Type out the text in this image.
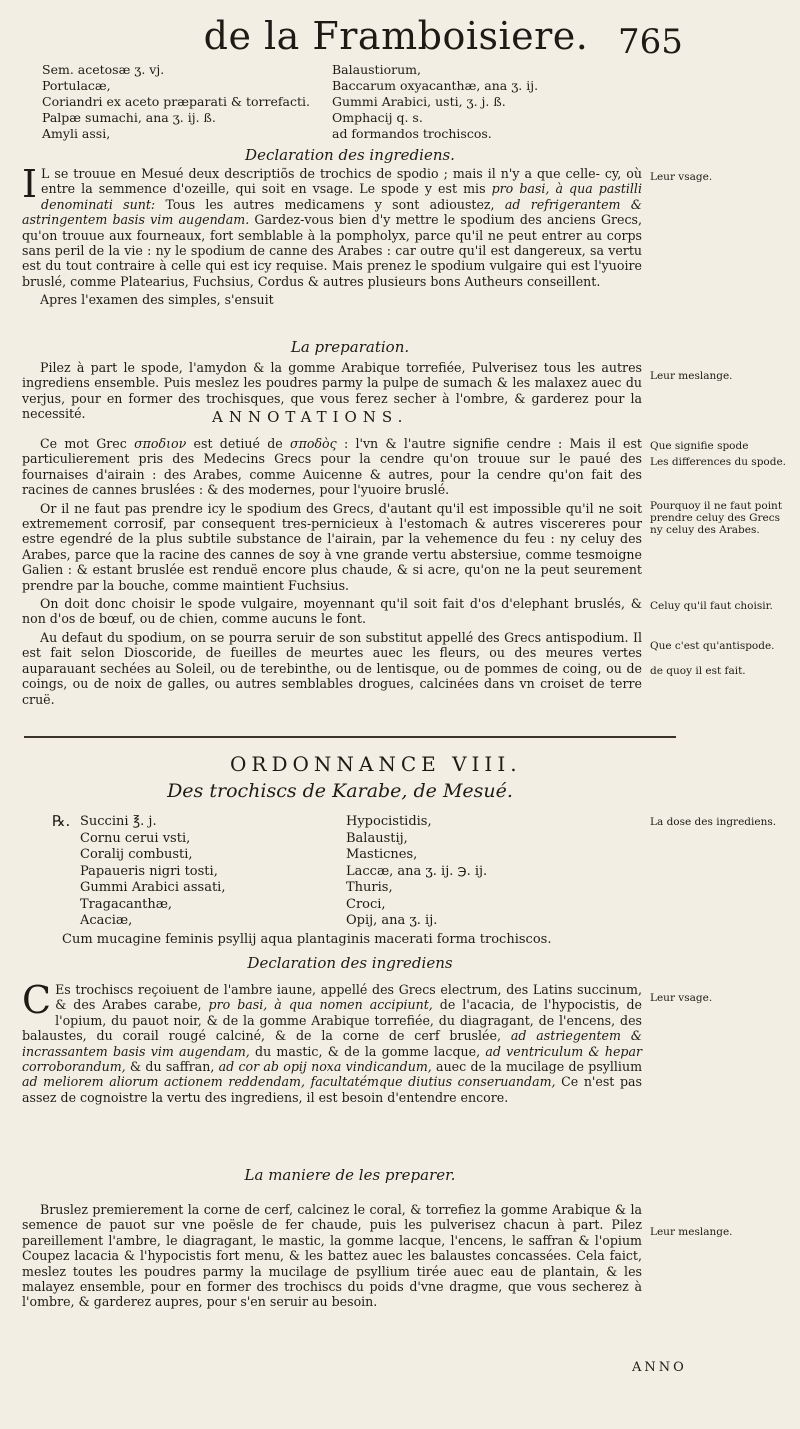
de la Framboisiere. 765
Sem. acetosæ ʒ. vj.
Portulacæ,
Coriandri ex aceto præparati & torrefacti.
Palpæ sumachi, ana ʒ. ij. ß.
Amyli assi,
Balaustiorum,
Baccarum oxyacanthæ, ana ʒ. ij.
Gummi Arabici, usti, ʒ. j. ß.
Omphacij q. s.
ad formandos trochiscos.
Declaration des ingrediens.

I L se trouue en Mesué deux descriptiõs de trochics de spodio ; mais il n'y a que celle- cy, où entre la semmence d'ozeille, qui soit en vsage. Le spode y est mis pro basi, à qua pastilli denominati sunt: Tous les autres medicamens y sont adioustez, ad refrigerantem & astringentem basis vim augendam. Gardez-vous bien d'y mettre le spodium des anciens Grecs, qu'on trouue aux fourneaux, fort semblable à la pompholyx, parce qu'il ne peut entrer au corps sans peril de la vie : ny le spodium de canne des Arabes : car outre qu'il est dangereux, sa vertu est du tout contraire à celle qui est icy requise. Mais prenez le spodium vulgaire qui est l'yuoire bruslé, comme Platearius, Fuchsius, Cordus & autres plusieurs bons Autheurs conseillent.

Apres l'examen des simples, s'ensuit

La preparation.

Pilez à part le spode, l'amydon & la gomme Arabique torrefiée, Pulverisez tous les autres ingrediens ensemble. Puis meslez les poudres parmy la pulpe de sumach & les malaxez auec du verjus, pour en former des trochisques, que vous ferez secher à l'ombre, & garderez pour la necessité.	ANNOTATIONS.

Ce mot Grec σποδιον est detiué de σποδὸς : l'vn & l'autre signifie cendre : Mais il est particulierement pris des Medecins Grecs pour la cendre qu'on trouue sur le paué des fournaises d'airain : des Arabes, comme Auicenne & autres, pour la cendre qu'on fait des racines de cannes bruslées : & des modernes, pour l'yuoire bruslé.

Or il ne faut pas prendre icy le spodium des Grecs, d'autant qu'il est impossible qu'il ne soit extremement corrosif, par consequent tres-pernicieux à l'estomach & autres viscereres pour estre egendré de la plus subtile substance de l'airain, par la vehemence du feu : ny celuy des Arabes, parce que la racine des cannes de soy à vne grande vertu abstersiue, comme tesmoigne Galien : & estant bruslée est renduë encore plus chaude, & si acre, qu'on ne la peut seurement prendre par la bouche, comme maintient Fuchsius.

On doit donc choisir le spode vulgaire, moyennant qu'il soit fait d'os d'elephant bruslés, & non d'os de bœuf, ou de chien, comme aucuns le font.

Au defaut du spodium, on se pourra seruir de son substitut appellé des Grecs antispodium. Il est fait selon Dioscoride, de fueilles de meurtes auec les fleurs, ou des meures vertes auparauant sechées au Soleil, ou de terebinthe, ou de lentisque, ou de pommes de coing, ou de coings, ou de noix de galles, ou autres semblables drogues, calcinées dans vn croiset de terre cruë.

Leur vsage.
Leur meslange.
Que signifie spode
Les differences du spode.
Pourquoy il ne faut point prendre celuy des Grecs ny celuy des Arabes.
Celuy qu'il faut choisir.
Que c'est qu'antispode.
de quoy il est fait.
La dose des ingrediens.
Leur vsage.
Leur meslange.
ORDONNANCE VIII.
Des trochiscs de Karabe, de Mesué.
℞. Succini ℥. j.
Cornu cerui vsti,
Coralij combusti,
Papaueris nigri tosti,
Gummi Arabici assati,
Tragacanthæ,
Acaciæ,
Hypocistidis,
Balaustij,
Masticnes,
Laccæ, ana ʒ. ij. ℈. ij.
Thuris,
Croci,
Opij, ana ʒ. ij.
Cum mucagine feminis psyllij aqua plantaginis macerati forma trochiscos.
Declaration des ingrediens

C Es trochiscs reçoiuent de l'ambre iaune, appellé des Grecs electrum, des Latins succinum, & des Arabes carabe, pro basi, à qua nomen accipiunt, de l'acacia, de l'hypocistis, de l'opium, du pauot noir, & de la gomme Arabique torrefiée, du diagragant, de l'encens, des balaustes, du corail rougé calciné, & de la corne de cerf bruslée, ad astriegentem & incrassantem basis vim augendam, du mastic, & de la gomme lacque, ad ventriculum & hepar corroborandum, & du saffran, ad cor ab opij noxa vindicandum, auec de la mucilage de psyllium ad meliorem aliorum actionem reddendam, facultatémque diutius conseruandam, Ce n'est pas assez de cognoistre la vertu des ingrediens, il est besoin d'entendre encore.

La maniere de les preparer.

Bruslez premierement la corne de cerf, calcinez le coral, & torrefiez la gomme Arabique & la semence de pauot sur vne poësle de fer chaude, puis les pulverisez chacun à part. Pilez pareillement l'ambre, le diagragant, le mastic, la gomme lacque, l'encens, le saffran & l'opium Coupez lacacia & l'hypocistis fort menu, & les battez auec les balaustes concassées. Cela faict, meslez toutes les poudres parmy la mucilage de psyllium tirée auec eau de plantain, & les malayez ensemble, pour en former des trochiscs du poids d'vne dragme, que vous secherez à l'ombre, & garderez aupres, pour s'en seruir au besoin.

ANNO
